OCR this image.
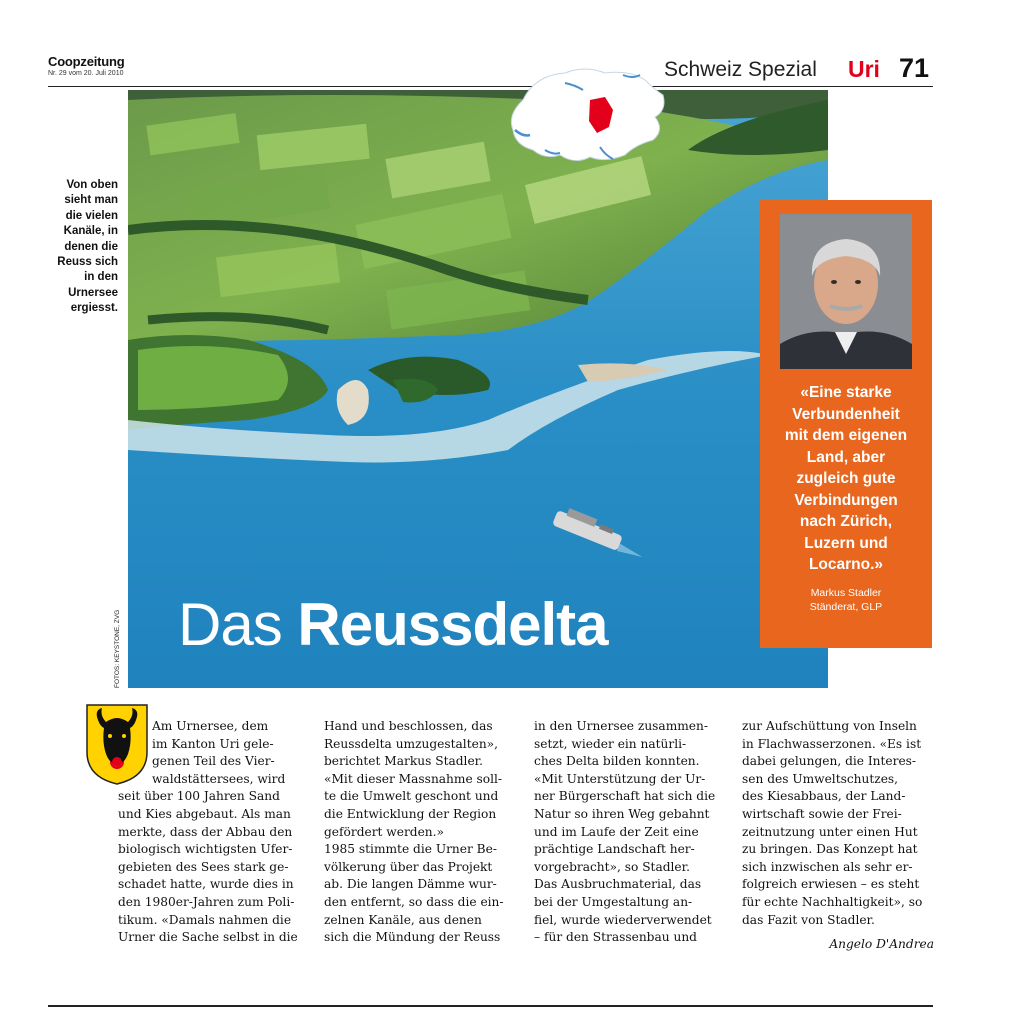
Coopzeitung
Nr. 29 vom 20. Juli 2010	Schweiz Spezial Uri 71
Von oben
sieht man
die vielen
Kanäle, in
denen die
Reuss sich
in den
Urnersee
ergiesst.
Das Reussdelta
FOTOS: KEYSTONE, ZVG
«Eine starke
Verbundenheit
mit dem eigenen
Land, aber
zugleich gute
Verbindungen
nach Zürich,
Luzern und
Locarno.»
Markus Stadler
Ständerat, GLP
Am Urnersee, dem
im Kanton Uri gele-
genen Teil des Vier-
waldstättersees, wird
seit über 100 Jahren Sand
und Kies abgebaut. Als man
merkte, dass der Abbau den
biologisch wichtigsten Ufer-
gebieten des Sees stark ge-
schadet hatte, wurde dies in
den 1980er-Jahren zum Poli-
tikum. «Damals nahmen die
Urner die Sache selbst in die
Hand und beschlossen, das
Reussdelta umzugestalten»,
berichtet Markus Stadler.
«Mit dieser Massnahme soll-
te die Umwelt geschont und
die Entwicklung der Region
gefördert werden.»
1985 stimmte die Urner Be-
völkerung über das Projekt
ab. Die langen Dämme wur-
den entfernt, so dass die ein-
zelnen Kanäle, aus denen
sich die Mündung der Reuss
in den Urnersee zusammen-
setzt, wieder ein natürli-
ches Delta bilden konnten.
«Mit Unterstützung der Ur-
ner Bürgerschaft hat sich die
Natur so ihren Weg gebahnt
und im Laufe der Zeit eine
prächtige Landschaft her-
vorgebracht», so Stadler.
Das Ausbruchmaterial, das
bei der Umgestaltung an-
fiel, wurde wiederverwendet
– für den Strassenbau und
zur Aufschüttung von Inseln
in Flachwasserzonen. «Es ist
dabei gelungen, die Interes-
sen des Umweltschutzes,
des Kiesabbaus, der Land-
wirtschaft sowie der Frei-
zeitnutzung unter einen Hut
zu bringen. Das Konzept hat
sich inzwischen als sehr er-
folgreich erwiesen – es steht
für echte Nachhaltigkeit», so
das Fazit von Stadler.
Angelo D'Andrea
